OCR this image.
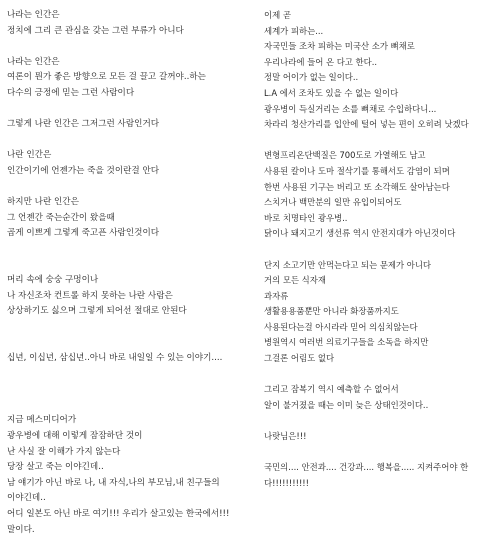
나라는 인간은
정치에 그리 큰 관심을 갖는 그런 부류가 아니다
나라는 인간은
여론이 뭔가 좋은 방향으로 모든 걸 끌고 갈꺼야..하는
다수의 긍정에 믿는 그런 사람이다
그렇게 나란 인간은 그저그런 사람인거다
나란 인간은
인간이기에 언젠가는 죽을 것이란걸 안다
하지만 나란 인간은
그 언젠간 죽는순간이 왔을때
곱게 이쁘게 그렇게 죽고픈 사람인것이다
머리 속에 숭숭 구멍이나
나 자신조차 컨트롤 하지 못하는 나란 사람은
상상하기도 싫으며 그렇게 되어선 절대로 안된다
십년, 이십년, 삼십년..아니 바로 내일일 수 있는 이야기....
지금 메스미디어가
광우병에 대해 이렇게 잠잠하단 것이
난 사실 잘 이해가 가지 않는다
당장 살고 죽는 이야긴데..
남 얘기가 아닌 바로 나, 내 자식,나의 부모님,내 친구들의
이야긴데..
어디 일본도 아닌 바로 여기!!! 우리가 살고있는 한국에서!!!
말이다.
이제 곧
세계가 피하는...
자국민들 조차 피하는 미국산 소가 뼈채로
우리나라에 들어 온 다고 한다..
정말 어이가 없는 일이다..
L.A 에서 조차도 있을 수 없는 일이다
광우병이 득실거리는 소를 뼈채로 수입하다니...
차라리 청산가리를 입안에 털어 넣는 편이 오히려 낫겠다
변형프리온단백질은 700도로 가열해도 남고
사용된 칼이나 도마 절삭기를 통해서도 감염이 되며
한번 사용된 기구는 버리고 또 소각해도 살아남는다
스치거나 백만분의 일만 유입이되어도
바로 치명타인 광우병..
닭이나 돼지고기 생선류 역시 안전지대가 아닌것이다
단지 소고기만 안먹는다고 되는 문제가 아니다
거의 모든 식자재
과자류
생활용용품뿐만 아니라 화장품까지도
사용된다는걸 아시라라 믿어 의심치않는다
병원역시 여러번 의료기구들을 소독을 하지만
그걸론 어림도 없다
그리고 잠복기 역시 예측할 수 없어서
알이 불거졌을 때는 이미 늦은 상태인것이다..
나랏님은!!!
국민의.... 안전과.... 건강과.... 행복을..... 지켜주어야 한
다!!!!!!!!!!!
